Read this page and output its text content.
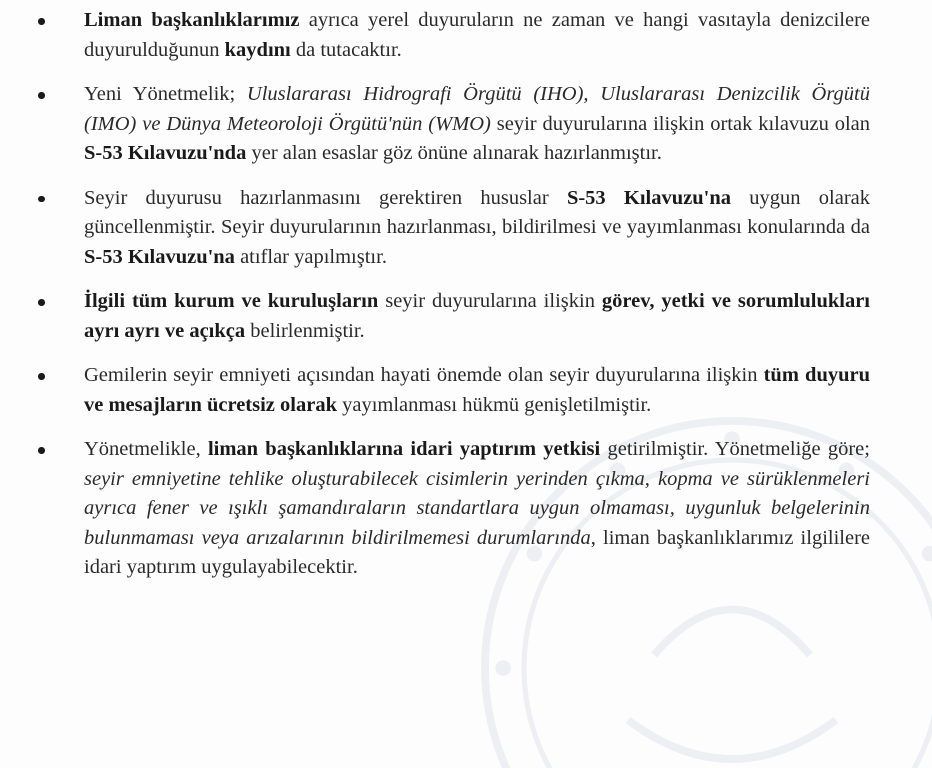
Liman başkanlıklarımız ayrıca yerel duyuruların ne zaman ve hangi vasıtayla denizcilere duyurulduğunun kaydını da tutacaktır.
Yeni Yönetmelik; Uluslararası Hidrografi Örgütü (IHO), Uluslararası Denizcilik Örgütü (IMO) ve Dünya Meteoroloji Örgütü'nün (WMO) seyir duyurularına ilişkin ortak kılavuzu olan S-53 Kılavuzu'nda yer alan esaslar göz önüne alınarak hazırlanmıştır.
Seyir duyurusu hazırlanmasını gerektiren hususlar S-53 Kılavuzu'na uygun olarak güncellenmiştir. Seyir duyurularının hazırlanması, bildirilmesi ve yayımlanması konularında da S-53 Kılavuzu'na atıflar yapılmıştır.
İlgili tüm kurum ve kuruluşların seyir duyurularına ilişkin görev, yetki ve sorumlulukları ayrı ayrı ve açıkça belirlenmiştir.
Gemilerin seyir emniyeti açısından hayati önemde olan seyir duyurularına ilişkin tüm duyuru ve mesajların ücretsiz olarak yayımlanması hükmü genişletilmiştir.
Yönetmelikle, liman başkanlıklarına idari yaptırım yetkisi getirilmiştir. Yönetmeliğe göre; seyir emniyetine tehlike oluşturabilecek cisimlerin yerinden çıkma, kopma ve sürüklenmeleri ayrıca fener ve ışıklı şamandıraların standartlara uygun olmaması, uygunluk belgelerinin bulunmaması veya arızalarının bildirilmemesi durumlarında, liman başkanlıklarımız ilgililere idari yaptırım uygulayabilecektir.
